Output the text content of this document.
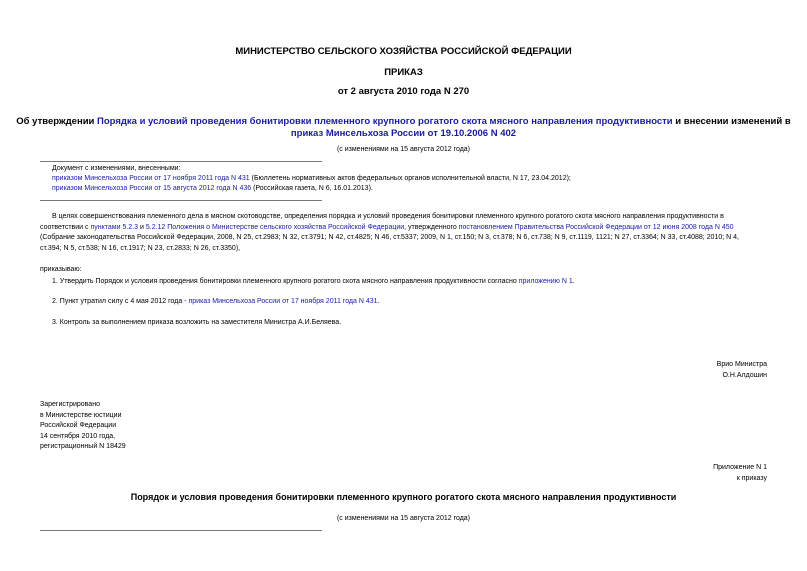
МИНИСТЕРСТВО СЕЛЬСКОГО ХОЗЯЙСТВА РОССИЙСКОЙ ФЕДЕРАЦИИ
ПРИКАЗ
от 2 августа 2010 года N 270
Об утверждении Порядка и условий проведения бонитировки племенного крупного рогатого скота мясного направления продуктивности и внесении изменений в
приказ Минсельхоза России от 19.10.2006 N 402
(с изменениями на 15 августа 2012 года)
Документ с изменениями, внесенными:
приказом Минсельхоза России от 17 ноября 2011 года N 431 (Бюллетень нормативных актов федеральных органов исполнительной власти, N 17, 23.04.2012);
приказом Минсельхоза России от 15 августа 2012 года N 436 (Российская газета, N 6, 16.01.2013).
В целях совершенствования племенного дела в мясном скотоводстве, определения порядка и условий проведения бонитировки племенного крупного рогатого скота мясного направления продуктивности в
соответствии с пунктами 5.2.3 и 5.2.12 Положения о Министерстве сельского хозяйства Российской Федерации, утвержденного постановлением Правительства Российской Федерации от 12 июня 2008 года N 450
(Собрание законодательства Российской Федерации, 2008, N 25, ст.2983; N 32, ст.3791; N 42, ст.4825; N 46, ст.5337; 2009, N 1, ст.150; N 3, ст.378; N 6, ст.738; N 9, ст.1119, 1121; N 27, ст.3364; N 33, ст.4088; 2010; N 4,
ст.394; N 5, ст.538; N 16, ст.1917; N 23, ст.2833; N 26, ст.3350),
приказываю:
1. Утвердить Порядок и условия проведения бонитировки племенного крупного рогатого скота мясного направления продуктивности согласно приложению N 1.
2. Пункт утратил силу с 4 мая 2012 года - приказ Минсельхоза России от 17 ноября 2011 года N 431.
3. Контроль за выполнением приказа возложить на заместителя Министра А.И.Беляева.
Врио Министра
О.Н.Алдошин
Зарегистрировано
в Министерстве юстиции
Российской Федерации
14 сентября 2010 года,
регистрационный N 18429
Приложение N 1
к приказу
Порядок и условия проведения бонитировки племенного крупного рогатого скота мясного направления продуктивности
(с изменениями на 15 августа 2012 года)
